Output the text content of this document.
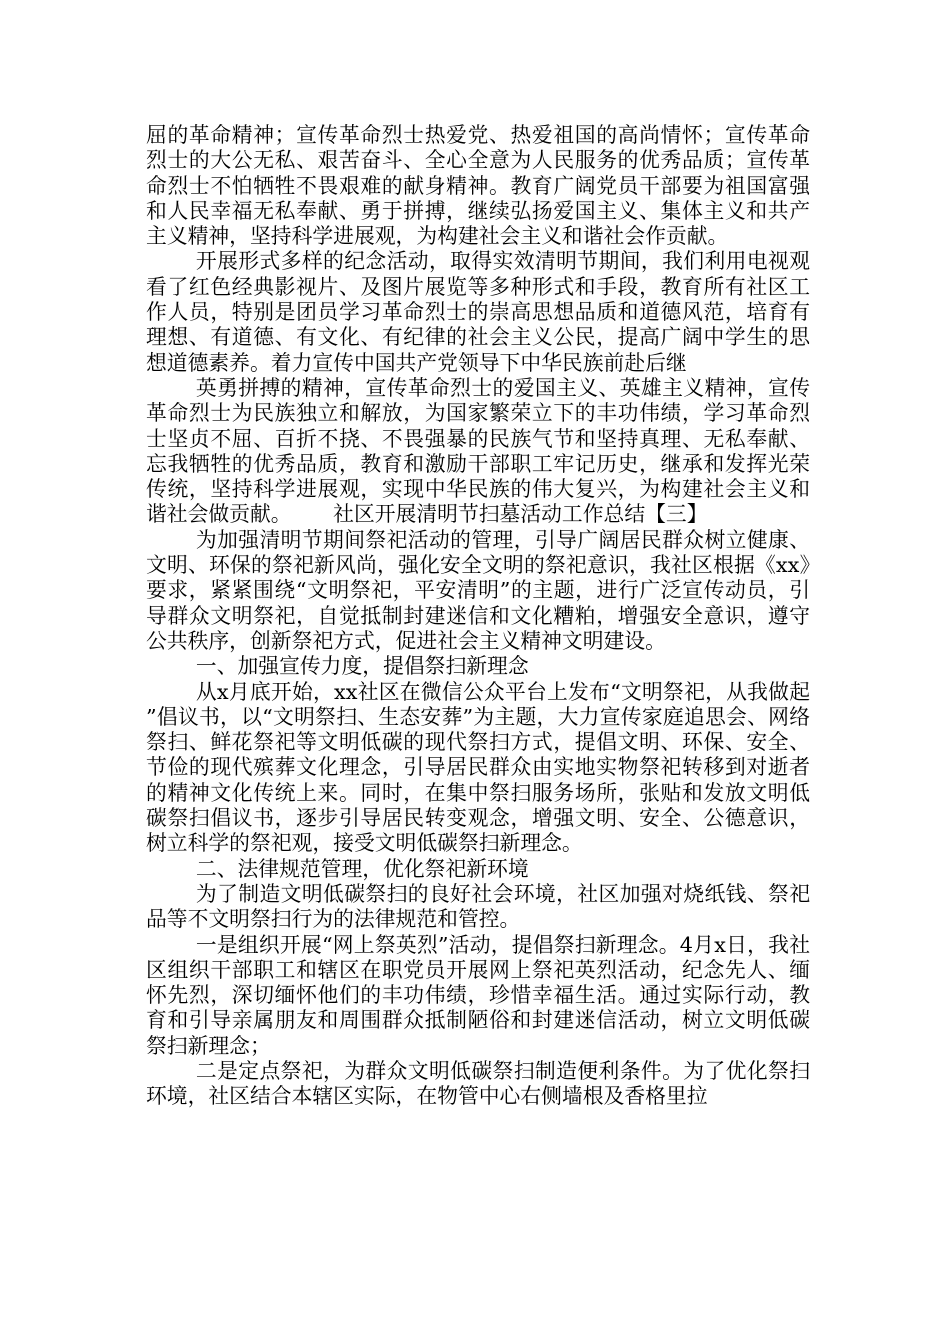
屈的革命精神；宣传革命烈士热爱党、热爱祖国的高尚情怀；宣传革命烈士的大公无私、艰苦奋斗、全心全意为人民服务的优秀品质；宣传革命烈士不怕牺牲不畏艰难的献身精神。教育广阔党员干部要为祖国富强和人民幸福无私奉献、勇于拼搏，继续弘扬爱国主义、集体主义和共产主义精神，坚持科学进展观，为构建社会主义和谐社会作贡献。

开展形式多样的纪念活动，取得实效清明节期间，我们利用电视观看了红色经典影视片、及图片展览等多种形式和手段，教育所有社区工作人员，特别是团员学习革命烈士的崇高思想品质和道德风范，培育有理想、有道德、有文化、有纪律的社会主义公民，提高广阔中学生的思想道德素养。着力宣传中国共产党领导下中华民族前赴后继

英勇拼搏的精神，宣传革命烈士的爱国主义、英雄主义精神，宣传革命烈士为民族独立和解放，为国家繁荣立下的丰功伟绩，学习革命烈士坚贞不屈、百折不挠、不畏强暴的民族气节和坚持真理、无私奉献、忘我牺牲的优秀品质，教育和激励干部职工牢记历史，继承和发挥光荣传统，坚持科学进展观，实现中华民族的伟大复兴，为构建社会主义和谐社会做贡献。 社区开展清明节扫墓活动工作总结【三】

为加强清明节期间祭祀活动的管理，引导广阔居民群众树立健康、文明、环保的祭祀新风尚，强化安全文明的祭祀意识，我社区根据《xx》要求，紧紧围绕“文明祭祀，平安清明”的主题，进行广泛宣传动员，引导群众文明祭祀，自觉抵制封建迷信和文化糟粕，增强安全意识，遵守公共秩序，创新祭祀方式，促进社会主义精神文明建设。

一、加强宣传力度，提倡祭扫新理念

从x月底开始，xx社区在微信公众平台上发布“文明祭祀，从我做起”倡议书，以“文明祭扫、生态安葬”为主题，大力宣传家庭追思会、网络祭扫、鲜花祭祀等文明低碳的现代祭扫方式，提倡文明、环保、安全、节俭的现代殡葬文化理念，引导居民群众由实地实物祭祀转移到对逝者的精神文化传统上来。同时，在集中祭扫服务场所，张贴和发放文明低碳祭扫倡议书，逐步引导居民转变观念，增强文明、安全、公德意识，树立科学的祭祀观，接受文明低碳祭扫新理念。

二、法律规范管理，优化祭祀新环境

为了制造文明低碳祭扫的良好社会环境，社区加强对烧纸钱、祭祀品等不文明祭扫行为的法律规范和管控。

一是组织开展“网上祭英烈”活动，提倡祭扫新理念。4月x日，我社区组织干部职工和辖区在职党员开展网上祭祀英烈活动，纪念先人、缅怀先烈，深切缅怀他们的丰功伟绩，珍惜幸福生活。通过实际行动，教育和引导亲属朋友和周围群众抵制陋俗和封建迷信活动，树立文明低碳祭扫新理念；

二是定点祭祀，为群众文明低碳祭扫制造便利条件。为了优化祭扫环境，社区结合本辖区实际，在物管中心右侧墙根及香格里拉
